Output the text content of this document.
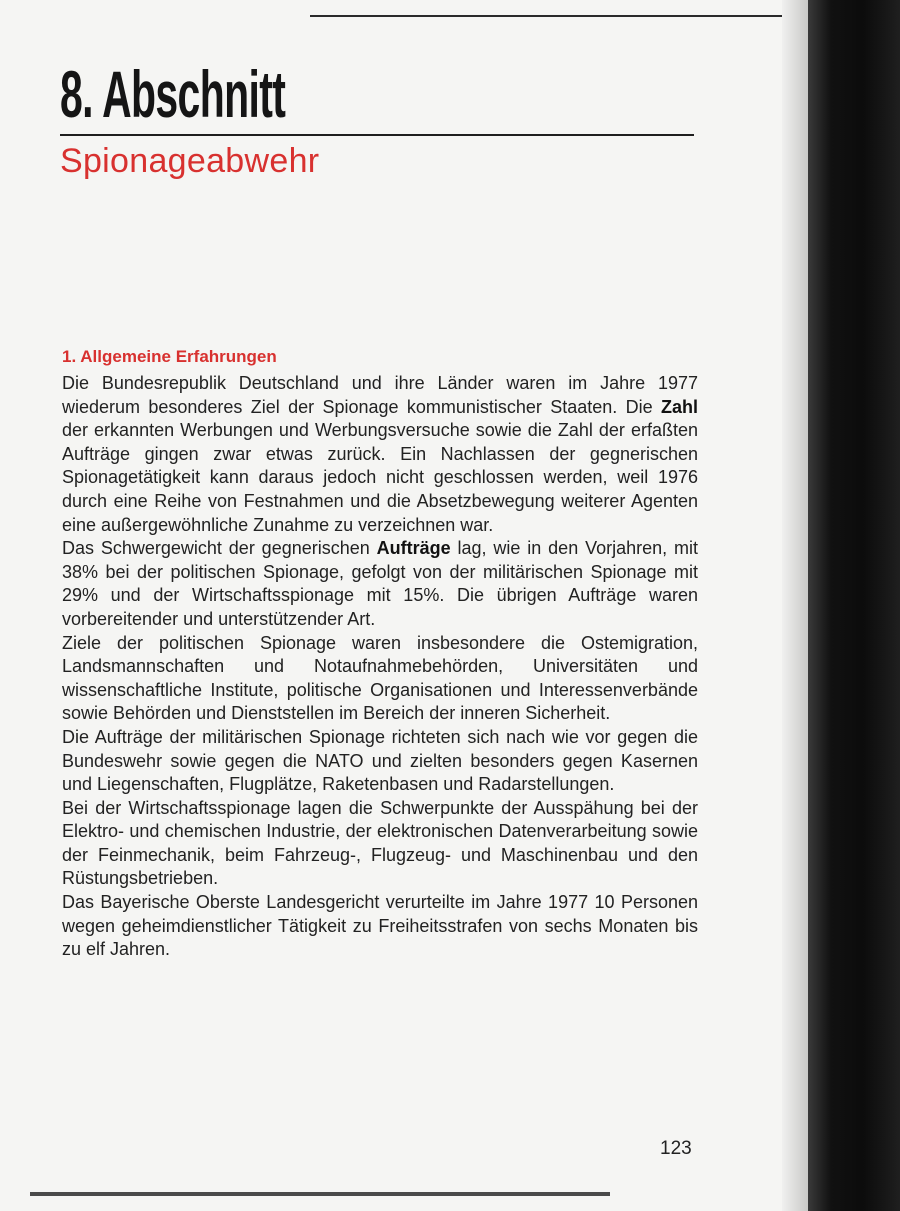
8. Abschnitt
Spionageabwehr
1. Allgemeine Erfahrungen

Die Bundesrepublik Deutschland und ihre Länder waren im Jahre 1977 wiederum besonderes Ziel der Spionage kommunistischer Staaten. Die Zahl der erkannten Werbungen und Werbungsversuche sowie die Zahl der erfaßten Aufträge gingen zwar etwas zurück. Ein Nachlassen der gegnerischen Spionagetätigkeit kann daraus jedoch nicht geschlossen werden, weil 1976 durch eine Reihe von Festnahmen und die Absetzbewegung weiterer Agenten eine außergewöhnliche Zunahme zu verzeichnen war.

Das Schwergewicht der gegnerischen Aufträge lag, wie in den Vorjahren, mit 38% bei der politischen Spionage, gefolgt von der militärischen Spionage mit 29% und der Wirtschaftsspionage mit 15%. Die übrigen Aufträge waren vorbereitender und unterstützender Art.

Ziele der politischen Spionage waren insbesondere die Ostemigration, Landsmannschaften und Notaufnahmebehörden, Universitäten und wissenschaftliche Institute, politische Organisationen und Interessenverbände sowie Behörden und Dienststellen im Bereich der inneren Sicherheit.

Die Aufträge der militärischen Spionage richteten sich nach wie vor gegen die Bundeswehr sowie gegen die NATO und zielten besonders gegen Kasernen und Liegenschaften, Flugplätze, Raketenbasen und Radarstellungen.

Bei der Wirtschaftsspionage lagen die Schwerpunkte der Ausspähung bei der Elektro- und chemischen Industrie, der elektronischen Datenverarbeitung sowie der Feinmechanik, beim Fahrzeug-, Flugzeug- und Maschinenbau und den Rüstungsbetrieben.

Das Bayerische Oberste Landesgericht verurteilte im Jahre 1977 10 Personen wegen geheimdienstlicher Tätigkeit zu Freiheitsstrafen von sechs Monaten bis zu elf Jahren.

123
